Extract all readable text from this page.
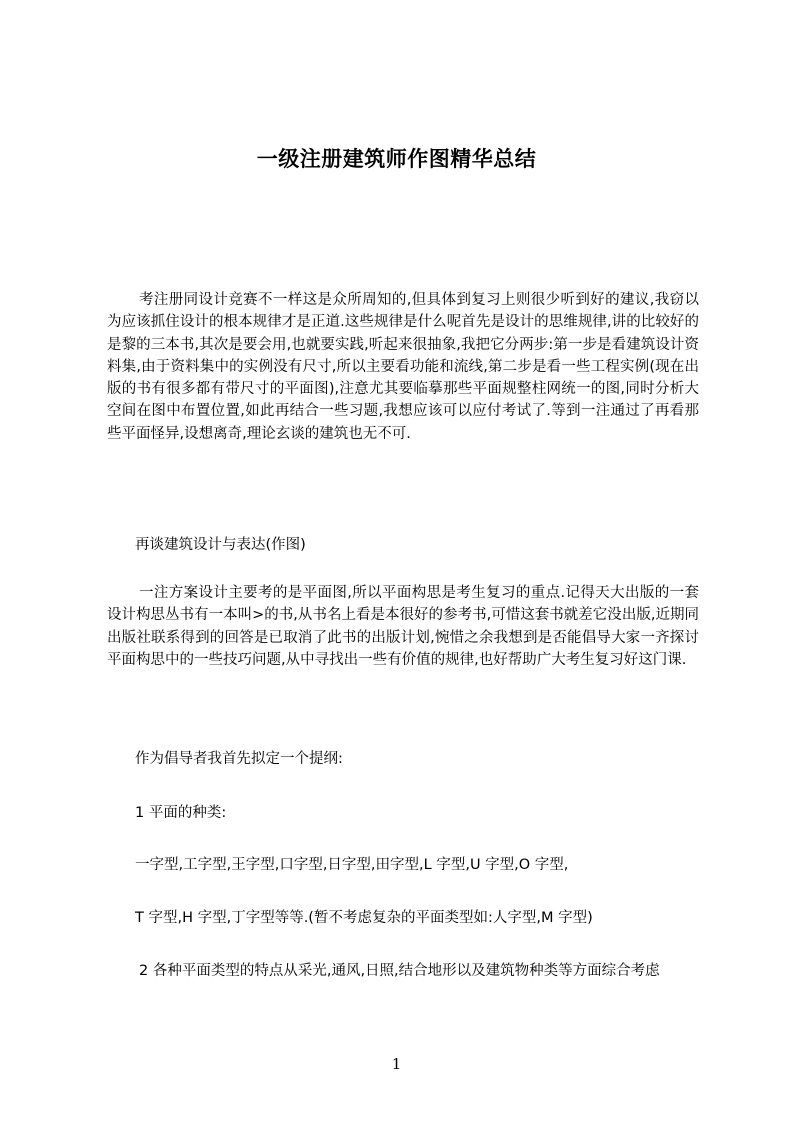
一级注册建筑师作图精华总结

考注册同设计竞赛不一样这是众所周知的,但具体到复习上则很少听到好的建议,我窃以为应该抓住设计的根本规律才是正道.这些规律是什么呢首先是设计的思维规律,讲的比较好的是黎的三本书,其次是要会用,也就要实践,听起来很抽象,我把它分两步:第一步是看建筑设计资料集,由于资料集中的实例没有尺寸,所以主要看功能和流线,第二步是看一些工程实例(现在出版的书有很多都有带尺寸的平面图),注意尤其要临摹那些平面规整柱网统一的图,同时分析大空间在图中布置位置,如此再结合一些习题,我想应该可以应付考试了.等到一注通过了再看那些平面怪异,设想离奇,理论玄谈的建筑也无不可.

再谈建筑设计与表达(作图)

一注方案设计主要考的是平面图,所以平面构思是考生复习的重点.记得天大出版的一套设计构思丛书有一本叫>的书,从书名上看是本很好的参考书,可惜这套书就差它没出版,近期同出版社联系得到的回答是已取消了此书的出版计划,惋惜之余我想到是否能倡导大家一齐探讨平面构思中的一些技巧问题,从中寻找出一些有价值的规律,也好帮助广大考生复习好这门课.

作为倡导者我首先拟定一个提纲:

1 平面的种类:

一字型,工字型,王字型,口字型,日字型,田字型,L 字型,U 字型,O 字型,

T 字型,H 字型,丁字型等等.(暂不考虑复杂的平面类型如:人字型,M 字型)

2 各种平面类型的特点从采光,通风,日照,结合地形以及建筑物种类等方面综合考虑

1
